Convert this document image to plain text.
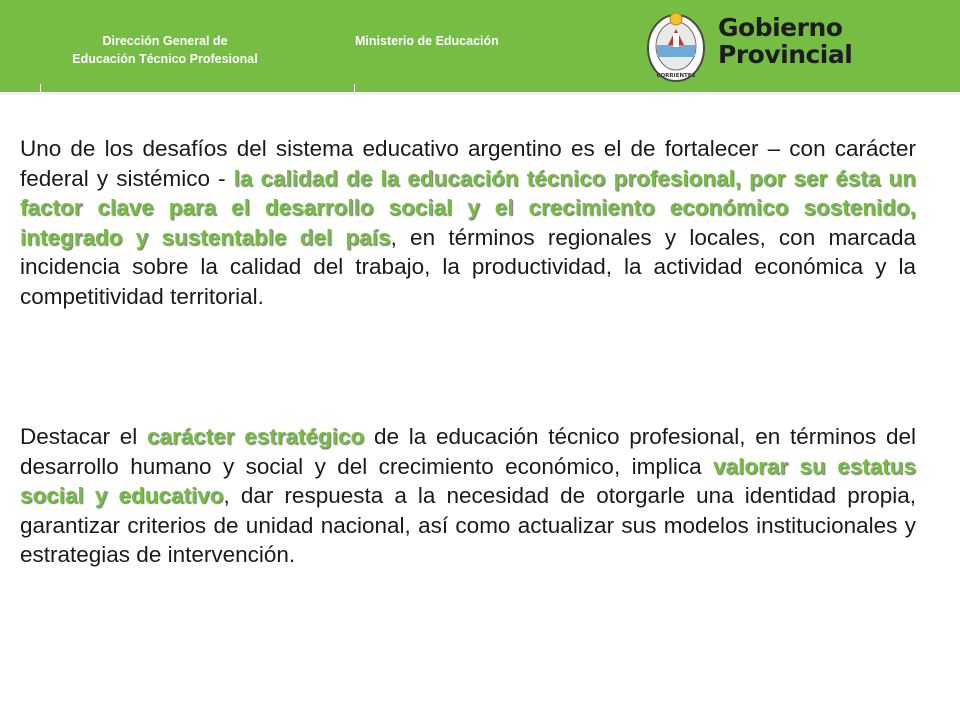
Dirección General de
Educación Técnico Profesional
Ministerio de Educación
CORRIENTES
Gobierno
Provincial

Uno de los desafíos del sistema educativo argentino es el de fortalecer – con carácter federal y sistémico - la calidad de la educación técnico profesional, por ser ésta un factor clave para el desarrollo social y el crecimiento económico sostenido, integrado y sustentable del país, en términos regionales y locales, con marcada incidencia sobre la calidad del trabajo, la productividad, la actividad económica y la competitividad territorial.

Destacar el carácter estratégico de la educación técnico profesional, en términos del desarrollo humano y social y del crecimiento económico, implica valorar su estatus social y educativo, dar respuesta a la necesidad de otorgarle una identidad propia, garantizar criterios de unidad nacional, así como actualizar sus modelos institucionales y estrategias de intervención.
